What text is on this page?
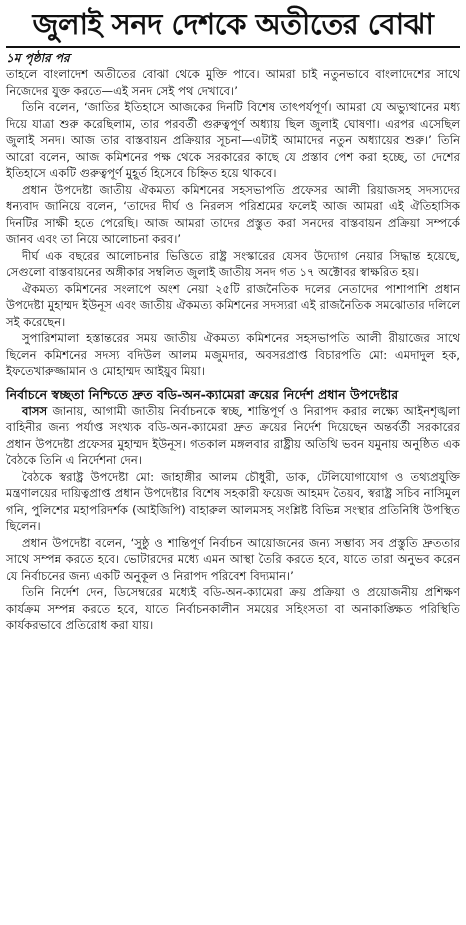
জুলাই সনদ দেশকে অতীতের বোঝা

১ম পৃষ্ঠার পর

তাহলে বাংলাদেশ অতীতের বোঝা থেকে মুক্তি পাবে। আমরা চাই নতুনভাবে বাংলাদেশের সাথে নিজেদের যুক্ত করতে—এই সনদ সেই পথ দেখাবে।’

তিনি বলেন, ‘জাতির ইতিহাসে আজকের দিনটি বিশেষ তাৎপর্যপূর্ণ। আমরা যে অভ্যুত্থানের মধ্য দিয়ে যাত্রা শুরু করেছিলাম, তার পরবর্তী গুরুত্বপূর্ণ অধ্যায় ছিল জুলাই ঘোষণা। এরপর এসেছিল জুলাই সনদ। আজ তার বাস্তবায়ন প্রক্রিয়ার সূচনা—এটাই আমাদের নতুন অধ্যায়ের শুরু।’ তিনি আরো বলেন, আজ কমিশনের পক্ষ থেকে সরকারের কাছে যে প্রস্তাব পেশ করা হচ্ছে, তা দেশের ইতিহাসে একটি গুরুত্বপূর্ণ মুহূর্ত হিসেবে চিহ্নিত হয়ে থাকবে।

প্রধান উপদেষ্টা জাতীয় ঐকমত্য কমিশনের সহসভাপতি প্রফেসর আলী রিয়াজসহ সদস্যদের ধন্যবাদ জানিয়ে বলেন, ‘তাদের দীর্ঘ ও নিরলস পরিশ্রমের ফলেই আজ আমরা এই ঐতিহাসিক দিনটির সাক্ষী হতে পেরেছি। আজ আমরা তাদের প্রস্তুত করা সনদের বাস্তবায়ন প্রক্রিয়া সম্পর্কে জানব এবং তা নিয়ে আলোচনা করব।’

দীর্ঘ এক বছরের আলোচনার ভিত্তিতে রাষ্ট্র সংস্কারের যেসব উদ্যোগ নেয়ার সিদ্ধান্ত হয়েছে, সেগুলো বাস্তবায়নের অঙ্গীকার সম্বলিত জুলাই জাতীয় সনদ গত ১৭ অক্টোবর স্বাক্ষরিত হয়।

ঐকমত্য কমিশনের সংলাপে অংশ নেয়া ২৫টি রাজনৈতিক দলের নেতাদের পাশাপাশি প্রধান উপদেষ্টা মুহাম্মদ ইউনূস এবং জাতীয় ঐকমত্য কমিশনের সদস্যরা এই রাজনৈতিক সমঝোতার দলিলে সই করেছেন।

সুপারিশমালা হস্তান্তরের সময় জাতীয় ঐকমত্য কমিশনের সহসভাপতি আলী রীয়াজের সাথে ছিলেন কমিশনের সদস্য বদিউল আলম মজুমদার, অবসরপ্রাপ্ত বিচারপতি মো: এমদাদুল হক, ইফতেখারুজ্জামান ও মোহাম্মদ আইয়ুব মিয়া।

নির্বাচনে স্বচ্ছতা নিশ্চিতে দ্রুত বডি-অন-ক্যামেরা ক্রয়ের নির্দেশ প্রধান উপদেষ্টার

বাসস জানায়, আগামী জাতীয় নির্বাচনকে স্বচ্ছ, শান্তিপূর্ণ ও নিরাপদ করার লক্ষ্যে আইনশৃঙ্খলা বাহিনীর জন্য পর্যাপ্ত সংখ্যক বডি-অন-ক্যামেরা দ্রুত ক্রয়ের নির্দেশ দিয়েছেন অন্তর্বর্তী সরকারের প্রধান উপদেষ্টা প্রফেসর মুহাম্মদ ইউনূস। গতকাল মঙ্গলবার রাষ্ট্রীয় অতিথি ভবন যমুনায় অনুষ্ঠিত এক বৈঠকে তিনি এ নির্দেশনা দেন।

বৈঠকে স্বরাষ্ট্র উপদেষ্টা মো: জাহাঙ্গীর আলম চৌধুরী, ডাক, টেলিযোগাযোগ ও তথ্যপ্রযুক্তি মন্ত্রণালয়ের দায়িত্বপ্রাপ্ত প্রধান উপদেষ্টার বিশেষ সহকারী ফয়েজ আহমদ তৈয়ব, স্বরাষ্ট্র সচিব নাসিমুল গনি, পুলিশের মহাপরিদর্শক (আইজিপি) বাহারুল আলমসহ সংশ্লিষ্ট বিভিন্ন সংস্থার প্রতিনিধি উপস্থিত ছিলেন।

প্রধান উপদেষ্টা বলেন, ‘সুষ্ঠু ও শান্তিপূর্ণ নির্বাচন আয়োজনের জন্য সম্ভাব্য সব প্রস্তুতি দ্রুততার সাথে সম্পন্ন করতে হবে। ভোটারদের মধ্যে এমন আস্থা তৈরি করতে হবে, যাতে তারা অনুভব করেন যে নির্বাচনের জন্য একটি অনুকূল ও নিরাপদ পরিবেশ বিদ্যমান।’

তিনি নির্দেশ দেন, ডিসেম্বরের মধ্যেই বডি-অন-ক্যামেরা ক্রয় প্রক্রিয়া ও প্রয়োজনীয় প্রশিক্ষণ কার্যক্রম সম্পন্ন করতে হবে, যাতে নির্বাচনকালীন সময়ের সহিংসতা বা অনাকাঙ্ক্ষিত পরিস্থিতি কার্যকরভাবে প্রতিরোধ করা যায়।
